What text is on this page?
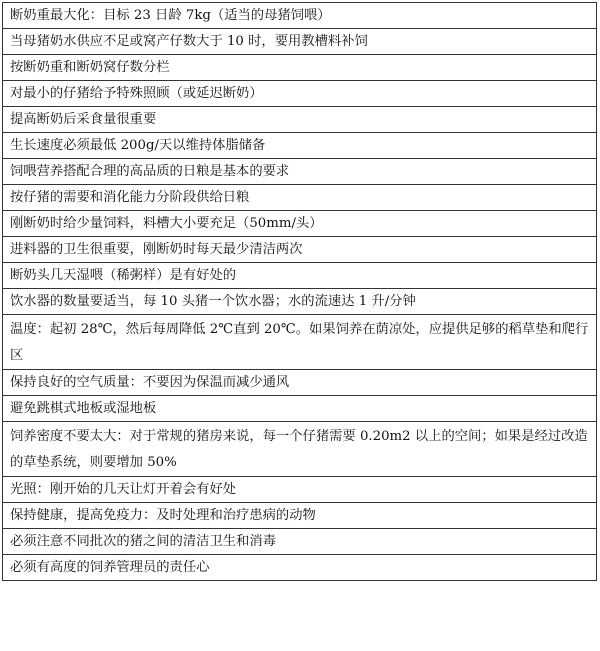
断奶重最大化：目标 23 日龄 7kg（适当的母猪饲喂）
当母猪奶水供应不足或窝产仔数大于 10 时，要用教槽料补饲
按断奶重和断奶窝仔数分栏
对最小的仔猪给予特殊照顾（或延迟断奶）
提高断奶后采食量很重要
生长速度必须最低 200g/天以维持体脂储备
饲喂营养搭配合理的高品质的日粮是基本的要求
按仔猪的需要和消化能力分阶段供给日粮
刚断奶时给少量饲料，料槽大小要充足（50mm/头）
进料器的卫生很重要，刚断奶时每天最少清洁两次
断奶头几天湿喂（稀粥样）是有好处的
饮水器的数量要适当，每 10 头猪一个饮水器；水的流速达 1 升/分钟
温度：起初 28℃，然后每周降低 2℃直到 20℃。如果饲养在荫凉处，应提供足够的稻草垫和爬行区
保持良好的空气质量：不要因为保温而减少通风
避免跳棋式地板或湿地板
饲养密度不要太大：对于常规的猪房来说，每一个仔猪需要 0.20m2 以上的空间；如果是经过改造的草垫系统，则要增加 50%
光照：刚开始的几天让灯开着会有好处
保持健康，提高免疫力：及时处理和治疗患病的动物
必须注意不同批次的猪之间的清洁卫生和消毒
必须有高度的饲养管理员的责任心
